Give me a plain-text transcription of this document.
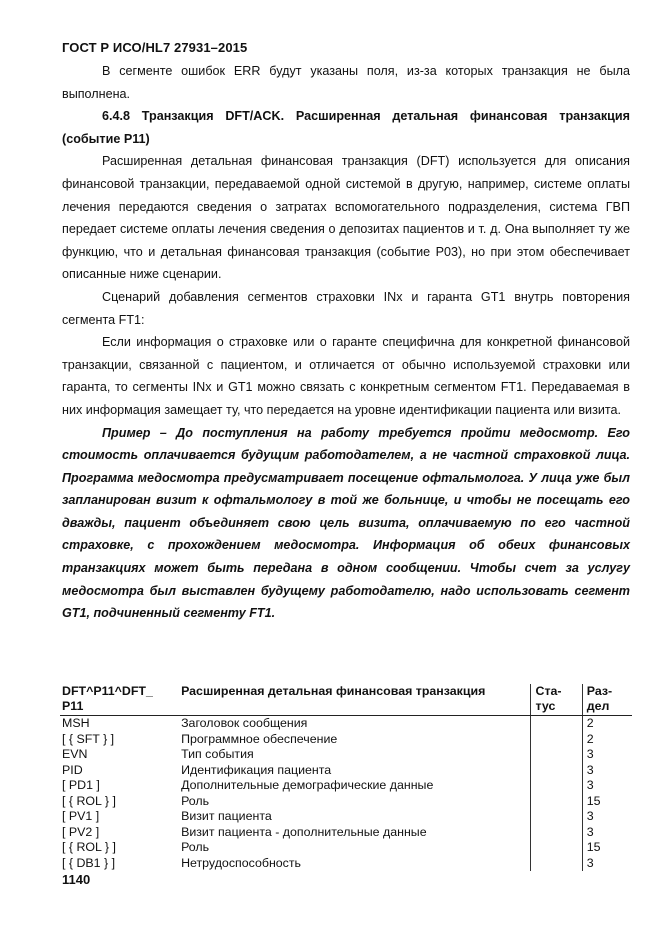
ГОСТ Р ИСО/HL7 27931–2015

В сегменте ошибок ERR будут указаны поля, из-за которых транзакция не была выполнена.

6.4.8 Транзакция DFT/ACK. Расширенная детальная финансовая транзакция (событие P11)

Расширенная детальная финансовая транзакция (DFT) используется для описания финансовой транзакции, передаваемой одной системой в другую, например, системе оплаты лечения передаются сведения о затратах вспомогательного подразделения, система ГВП передает системе оплаты лечения сведения о депозитах пациентов и т. д. Она выполняет ту же функцию, что и детальная финансовая транзакция (событие P03), но при этом обеспечивает описанные ниже сценарии.

Сценарий добавления сегментов страховки INx и гаранта GT1 внутрь повторения сегмента FT1:

Если информация о страховке или о гаранте специфична для конкретной финансовой транзакции, связанной с пациентом, и отличается от обычно используемой страховки или гаранта, то сегменты INx и GT1 можно связать с конкретным сегментом FT1. Передаваемая в них информация замещает ту, что передается на уровне идентификации пациента или визита.

Пример – До поступления на работу требуется пройти медосмотр. Его стоимость оплачивается будущим работодателем, а не частной страховкой лица. Программа медосмотра предусматривает посещение офтальмолога. У лица уже был запланирован визит к офтальмологу в той же больнице, и чтобы не посещать его дважды, пациент объединяет свою цель визита, оплачиваемую по его частной страховке, с прохождением медосмотра. Информация об обеих финансовых транзакциях может быть передана в одном сообщении. Чтобы счет за услугу медосмотра был выставлен будущему работодателю, надо использовать сегмент GT1, подчиненный сегменту FT1.

DFT^P11^DFT_ P11	Расширенная детальная финансовая транзакция	Ста-тус	Раз-дел
MSH	Заголовок сообщения		2
[ { SFT } ]	Программное обеспечение		2
EVN	Тип события		3
PID	Идентификация пациента		3
[ PD1 ]	Дополнительные демографические данные		3
[ { ROL } ]	Роль		15
[ PV1 ]	Визит пациента		3
[ PV2 ]	Визит пациента - дополнительные данные		3
[ { ROL } ]	Роль		15
[ { DB1 } ]	Нетрудоспособность		3
1140
